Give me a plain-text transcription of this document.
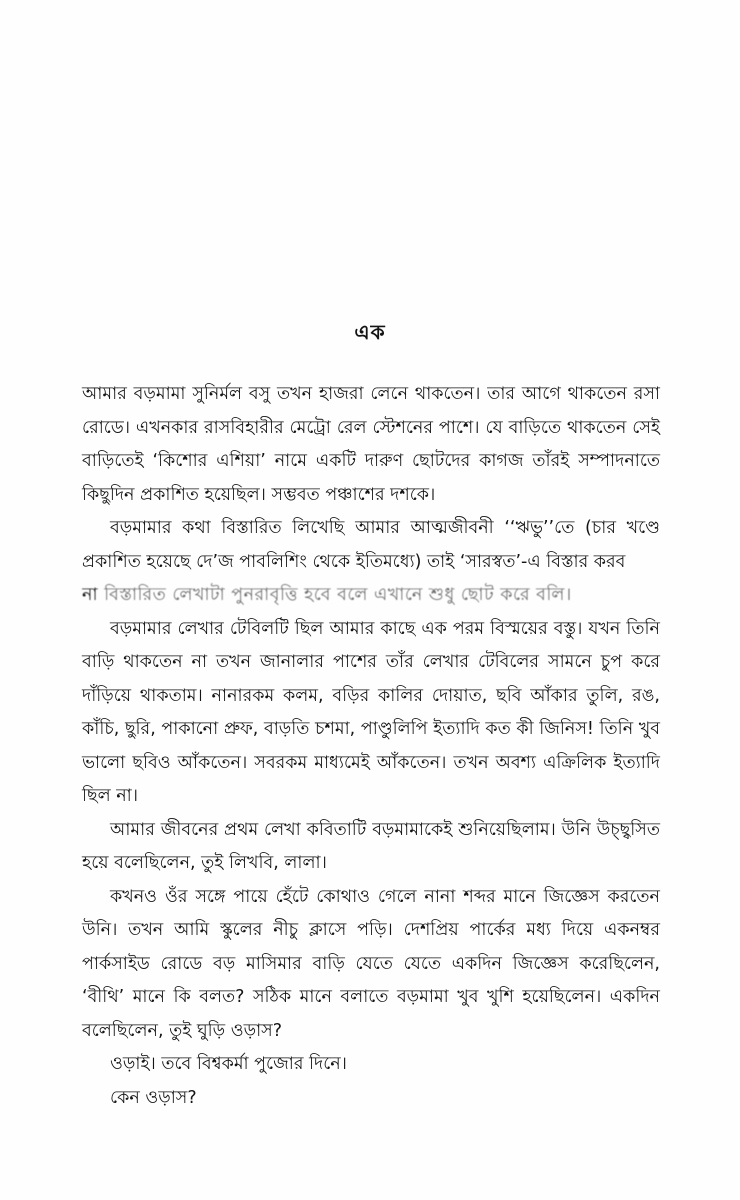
এক

আমার বড়মামা সুনির্মল বসু তখন হাজরা লেনে থাকতেন। তার আগে থাকতেন রসা রোডে। এখনকার রাসবিহারীর মেট্রো রেল স্টেশনের পাশে। যে বাড়িতে থাকতেন সেই বাড়িতেই ‘কিশোর এশিয়া’ নামে একটি দারুণ ছোটদের কাগজ তাঁরই সম্পাদনাতে কিছুদিন প্রকাশিত হয়েছিল। সম্ভবত পঞ্চাশের দশকে।

বড়মামার কথা বিস্তারিত লিখেছি আমার আত্মজীবনী ‘‘ঋভু’’তে (চার খণ্ডে প্রকাশিত হয়েছে দে’জ পাবলিশিং থেকে ইতিমধ্যে) তাই ‘সারস্বত’-এ বিস্তার করব

না বিস্তারিত লেখাটা পুনরাবৃত্তি হবে বলে এখানে শুধু ছোট করে বলি।

বড়মামার লেখার টেবিলটি ছিল আমার কাছে এক পরম বিস্ময়ের বস্তু। যখন তিনি বাড়ি থাকতেন না তখন জানালার পাশের তাঁর লেখার টেবিলের সামনে চুপ করে দাঁড়িয়ে থাকতাম। নানারকম কলম, বড়ির কালির দোয়াত, ছবি আঁকার তুলি, রঙ, কাঁচি, ছুরি, পাকানো প্রুফ, বাড়তি চশমা, পাণ্ডুলিপি ইত্যাদি কত কী জিনিস! তিনি খুব ভালো ছবিও আঁকতেন। সবরকম মাধ্যমেই আঁকতেন। তখন অবশ্য এক্রিলিক ইত্যাদি ছিল না।

আমার জীবনের প্রথম লেখা কবিতাটি বড়মামাকেই শুনিয়েছিলাম। উনি উচ্ছ্বসিত হয়ে বলেছিলেন, তুই লিখবি, লালা।

কখনও ওঁর সঙ্গে পায়ে হেঁটে কোথাও গেলে নানা শব্দর মানে জিজ্ঞেস করতেন উনি। তখন আমি স্কুলের নীচু ক্লাসে পড়ি। দেশপ্রিয় পার্কের মধ্য দিয়ে একনম্বর পার্কসাইড রোডে বড় মাসিমার বাড়ি যেতে যেতে একদিন জিজ্ঞেস করেছিলেন, ‘বীথি’ মানে কি বলত? সঠিক মানে বলাতে বড়মামা খুব খুশি হয়েছিলেন। একদিন বলেছিলেন, তুই ঘুড়ি ওড়াস?

ওড়াই। তবে বিশ্বকর্মা পুজোর দিনে।

কেন ওড়াস?
